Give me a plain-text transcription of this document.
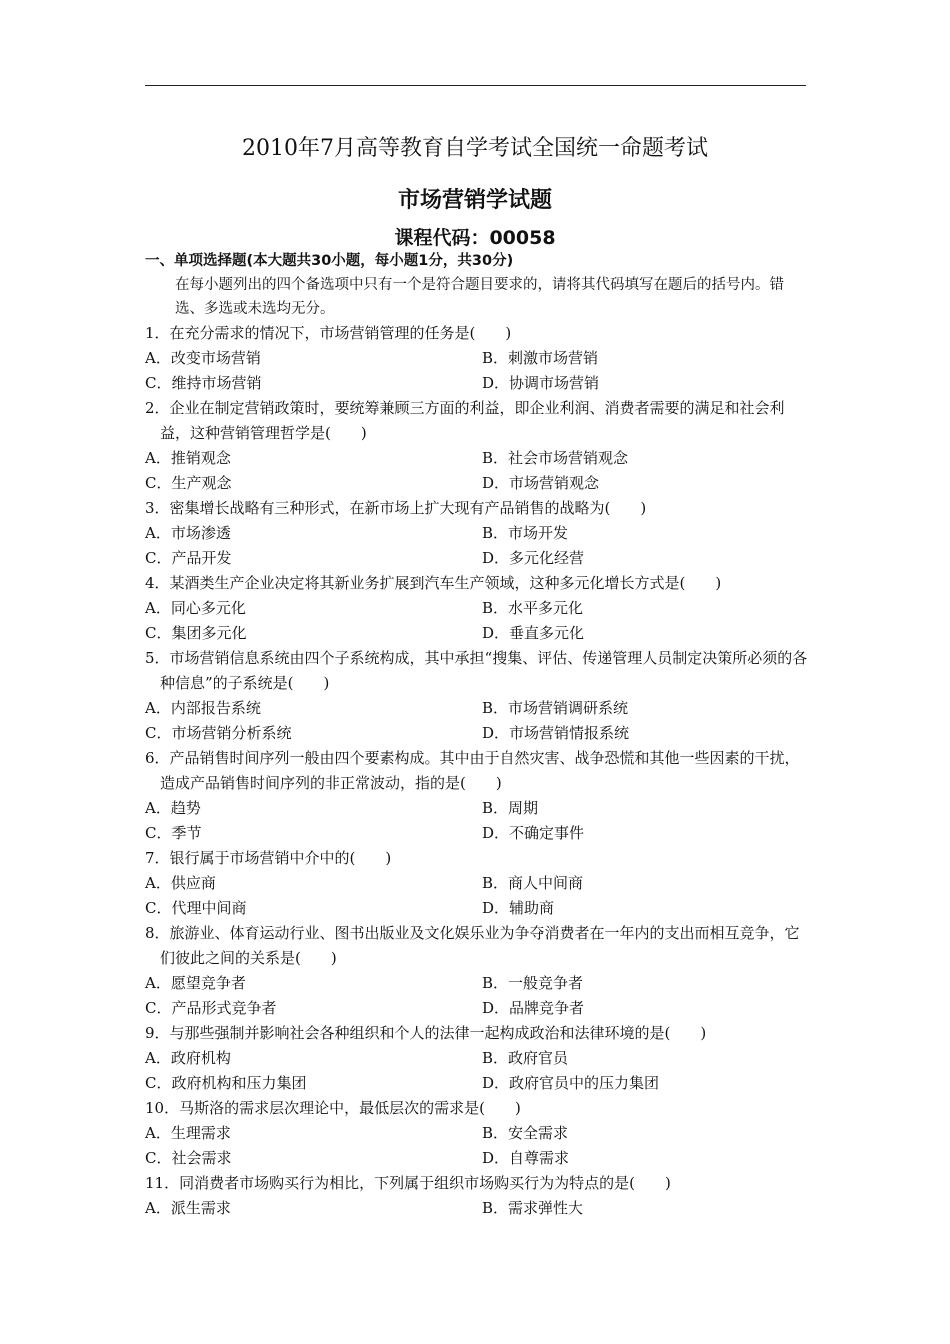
2010年7月高等教育自学考试全国统一命题考试
市场营销学试题
课程代码：00058
一、单项选择题(本大题共30小题，每小题1分，共30分)
在每小题列出的四个备选项中只有一个是符合题目要求的，请将其代码填写在题后的括号内。错选、多选或未选均无分。
1．在充分需求的情况下，市场营销管理的任务是(　　)
A．改变市场营销	B．刺激市场营销
C．维持市场营销	D．协调市场营销
2．企业在制定营销政策时，要统筹兼顾三方面的利益，即企业利润、消费者需要的满足和社会利益，这种营销管理哲学是(　　)
A．推销观念	B．社会市场营销观念
C．生产观念	D．市场营销观念
3．密集增长战略有三种形式，在新市场上扩大现有产品销售的战略为(　　)
A．市场渗透	B．市场开发
C．产品开发	D．多元化经营
4．某酒类生产企业决定将其新业务扩展到汽车生产领域，这种多元化增长方式是(　　)
A．同心多元化	B．水平多元化
C．集团多元化	D．垂直多元化
5．市场营销信息系统由四个子系统构成，其中承担“搜集、评估、传递管理人员制定决策所必须的各种信息”的子系统是(　　)
A．内部报告系统	B．市场营销调研系统
C．市场营销分析系统	D．市场营销情报系统
6．产品销售时间序列一般由四个要素构成。其中由于自然灾害、战争恐慌和其他一些因素的干扰，造成产品销售时间序列的非正常波动，指的是(　　)
A．趋势	B．周期
C．季节	D．不确定事件
7．银行属于市场营销中介中的(　　)
A．供应商	B．商人中间商
C．代理中间商	D．辅助商
8．旅游业、体育运动行业、图书出版业及文化娱乐业为争夺消费者在一年内的支出而相互竞争，它们彼此之间的关系是(　　)
A．愿望竞争者	B．一般竞争者
C．产品形式竞争者	D．品牌竞争者
9．与那些强制并影响社会各种组织和个人的法律一起构成政治和法律环境的是(　　)
A．政府机构	B．政府官员
C．政府机构和压力集团	D．政府官员中的压力集团
10．马斯洛的需求层次理论中，最低层次的需求是(　　)
A．生理需求	B．安全需求
C．社会需求	D．自尊需求
11．同消费者市场购买行为相比，下列属于组织市场购买行为为特点的是(　　)
A．派生需求	B．需求弹性大
